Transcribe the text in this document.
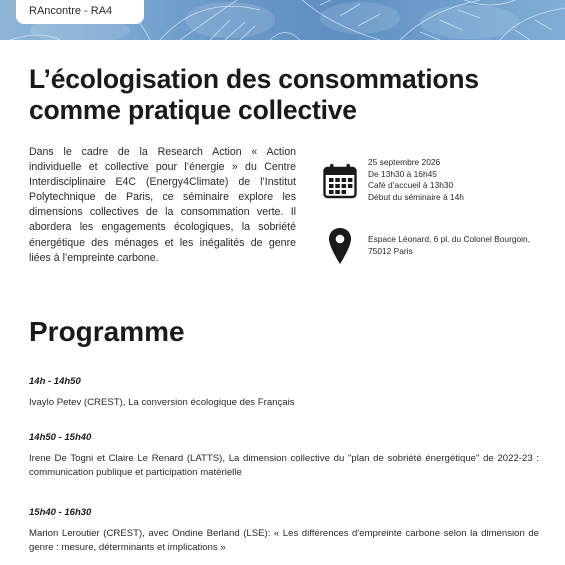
RAncontre - RA4
L’écologisation des consommations comme pratique collective

Dans le cadre de la Research Action « Action individuelle et collective pour l’énergie » du Centre Interdisciplinaire E4C (Energy4Climate) de l’Institut Polytechnique de Paris, ce séminaire explore les dimensions collectives de la consommation verte. Il abordera les engagements écologiques, la sobriété énergétique des ménages et les inégalités de genre liées à l’empreinte carbone.

25 septembre 2026
De 13h30 à 16h45
Café d’accueil à 13h30
Début du séminaire à 14h
Espace Léonard, 6 pl. du Colonel Bourgoin,
75012 Paris
Programme
14h - 14h50
Ivaylo Petev (CREST), La conversion écologique des Français
14h50 - 15h40
Irene De Togni et Claire Le Renard (LATTS), La dimension collective du "plan de sobriété énergétique" de 2022-23 : communication publique et participation matérielle
15h40 - 16h30
Marion Leroutier (CREST), avec Ondine Berland (LSE): « Les différences d'empreinte carbone selon la dimension de genre : mesure, déterminants et implications »
